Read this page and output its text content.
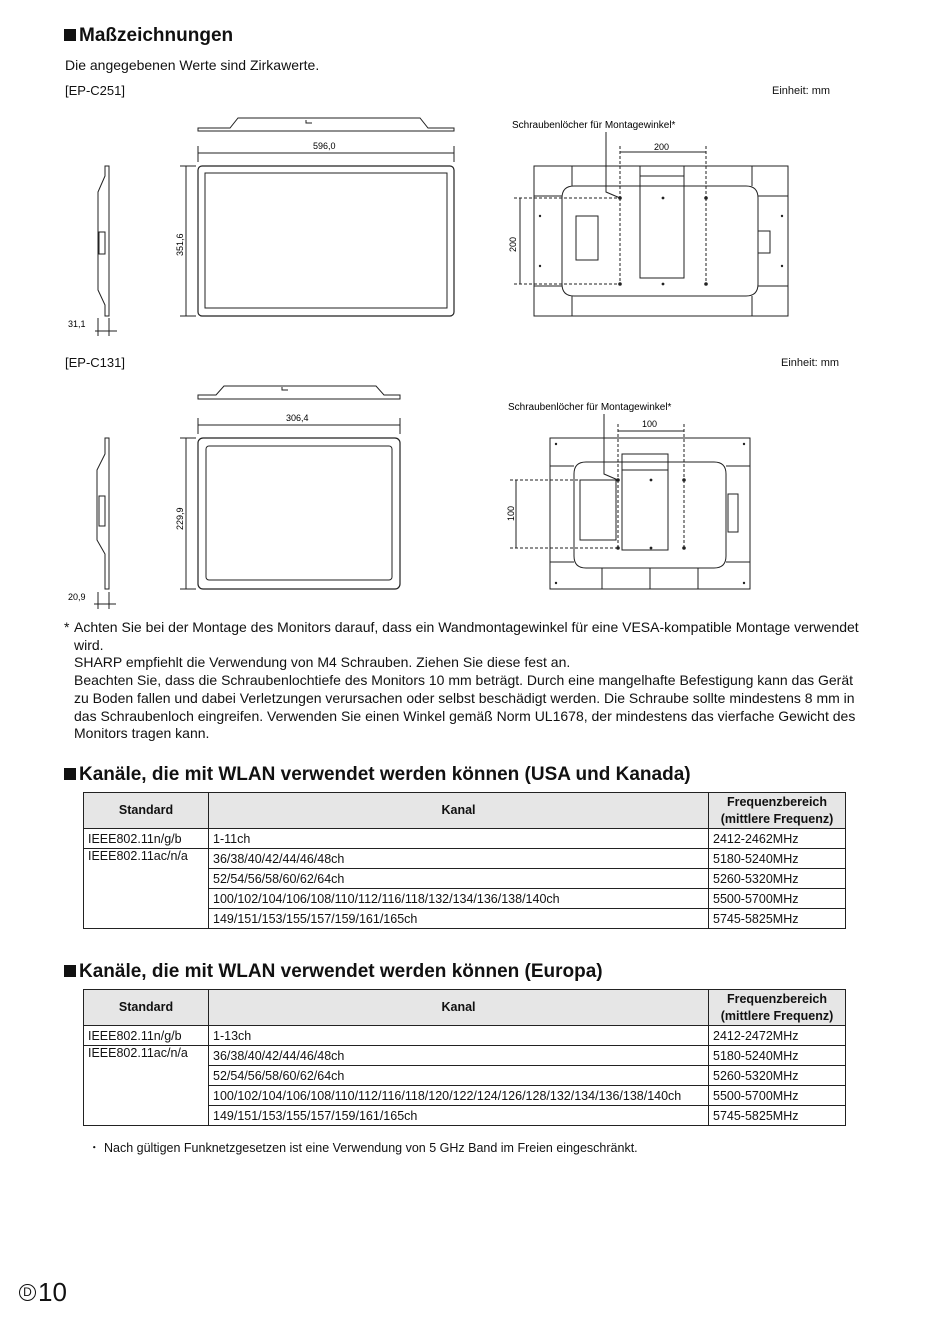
Maßzeichnungen
Die angegebenen Werte sind Zirkawerte.
[EP-C251]	Einheit: mm
596,0
351,6
31,1
Schraubenlöcher für Montagewinkel*
200
200
[EP-C131]	Einheit: mm
306,4
229,9
20,9
Schraubenlöcher für Montagewinkel*
100
100
* Achten Sie bei der Montage des Monitors darauf, dass ein Wandmontagewinkel für eine VESA-kompatible Montage verwendet

wird.

SHARP empfiehlt die Verwendung von M4 Schrauben. Ziehen Sie diese fest an.

Beachten Sie, dass die Schraubenlochtiefe des Monitors 10 mm beträgt. Durch eine mangelhafte Befestigung kann das Gerät

zu Boden fallen und dabei Verletzungen verursachen oder selbst beschädigt werden. Die Schraube sollte mindestens 8 mm in

das Schraubenloch eingreifen. Verwenden Sie einen Winkel gemäß Norm UL1678, der mindestens das vierfache Gewicht des

Monitors tragen kann.

Kanäle, die mit WLAN verwendet werden können (USA und Kanada)
Standard	Kanal	Frequenzbereich
(mittlere Frequenz)
IEEE802.11n/g/b	1-11ch	2412-2462MHz
IEEE802.11ac/n/a	36/38/40/42/44/46/48ch	5180-5240MHz
	52/54/56/58/60/62/64ch	5260-5320MHz
	100/102/104/106/108/110/112/116/118/132/134/136/138/140ch	5500-5700MHz
	149/151/153/155/157/159/161/165ch	5745-5825MHz
Kanäle, die mit WLAN verwendet werden können (Europa)
Standard	Kanal	Frequenzbereich
(mittlere Frequenz)
IEEE802.11n/g/b	1-13ch	2412-2472MHz
IEEE802.11ac/n/a	36/38/40/42/44/46/48ch	5180-5240MHz
	52/54/56/58/60/62/64ch	5260-5320MHz
	100/102/104/106/108/110/112/116/118/120/122/124/126/128/132/134/136/138/140ch	5500-5700MHz
	149/151/153/155/157/159/161/165ch	5745-5825MHz
・ Nach gültigen Funknetzgesetzen ist eine Verwendung von 5 GHz Band im Freien eingeschränkt.
D 10
